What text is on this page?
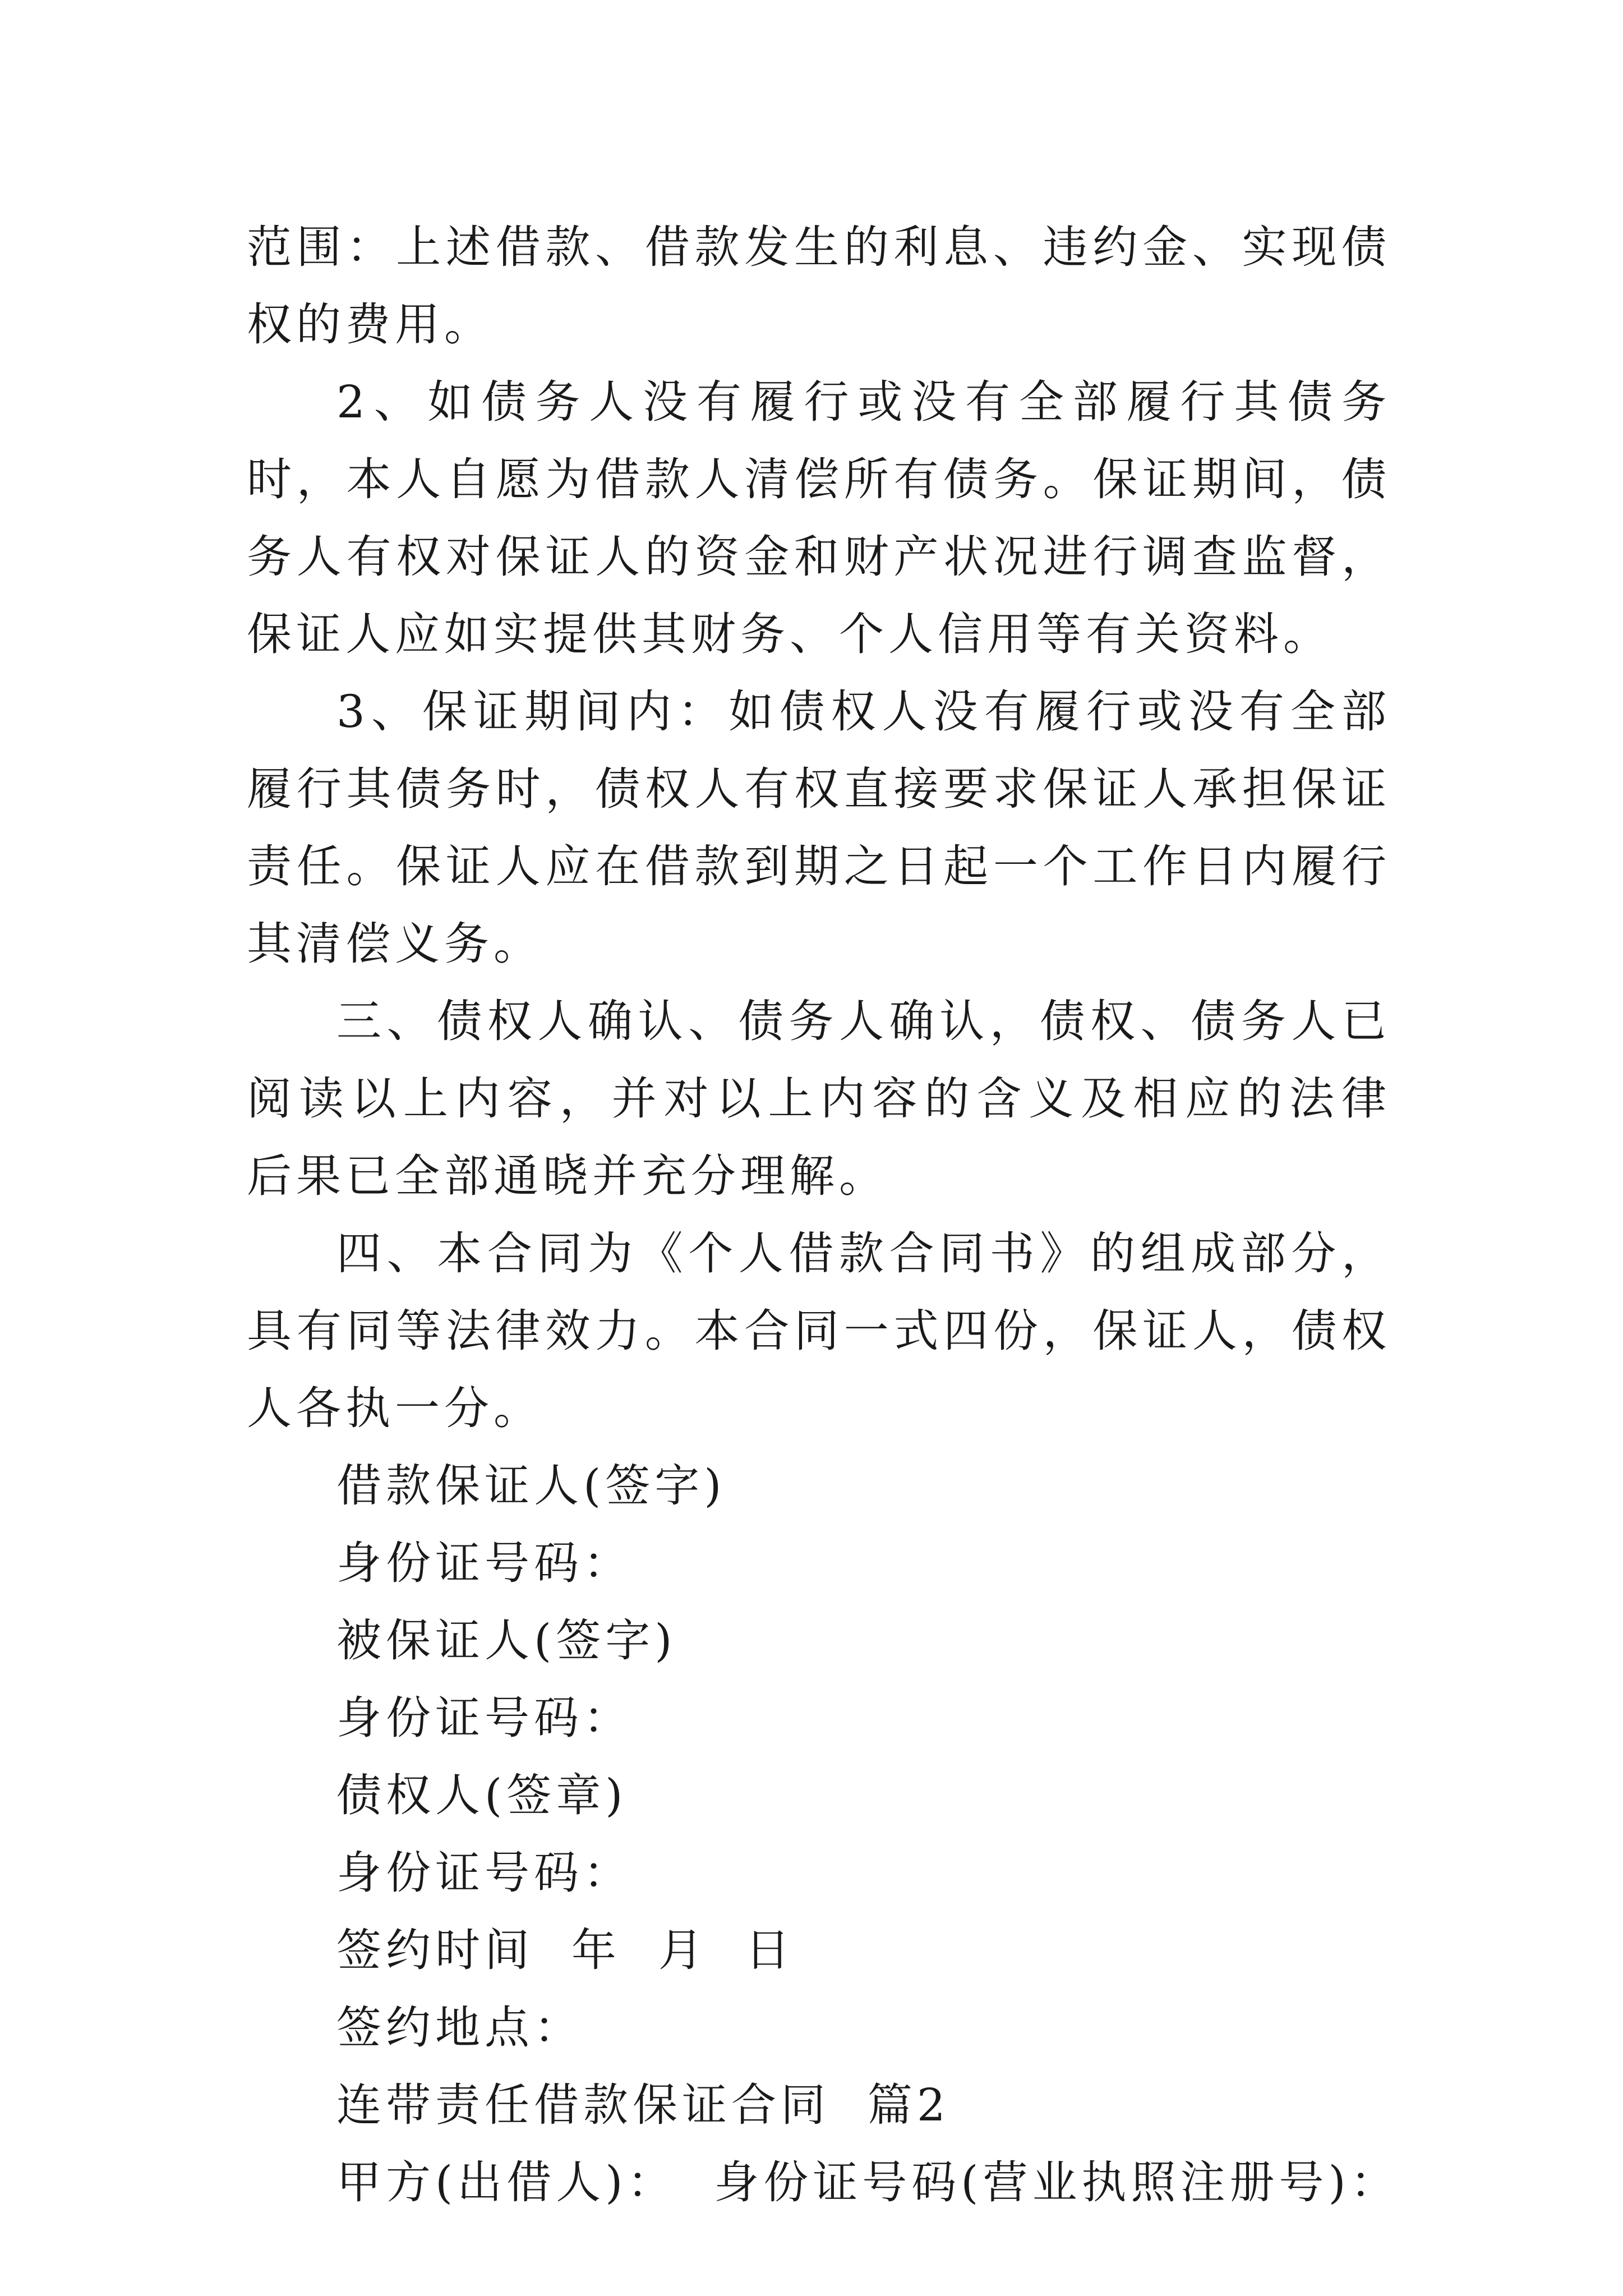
范围：上述借款、借款发生的利息、违约金、实现债权的费用。

2、如债务人没有履行或没有全部履行其债务时，本人自愿为借款人清偿所有债务。保证期间，债务人有权对保证人的资金和财产状况进行调查监督，保证人应如实提供其财务、个人信用等有关资料。

3、保证期间内：如债权人没有履行或没有全部履行其债务时，债权人有权直接要求保证人承担保证责任。保证人应在借款到期之日起一个工作日内履行其清偿义务。

三、债权人确认、债务人确认，债权、债务人已阅读以上内容，并对以上内容的含义及相应的法律 后果已全部通晓并充分理解。

四、本合同为《个人借款合同书》的组成部分，具有同等法律效力。本合同一式四份，保证人，债权人各执一分。

借款保证人(签字)

身份证号码：

被保证人(签字)

身份证号码：

债权人(签章)

身份证号码：

签约时间  年  月  日

签约地点：

连带责任借款保证合同  篇2

甲方(出借人)：  身份证号码(营业执照注册号)：
